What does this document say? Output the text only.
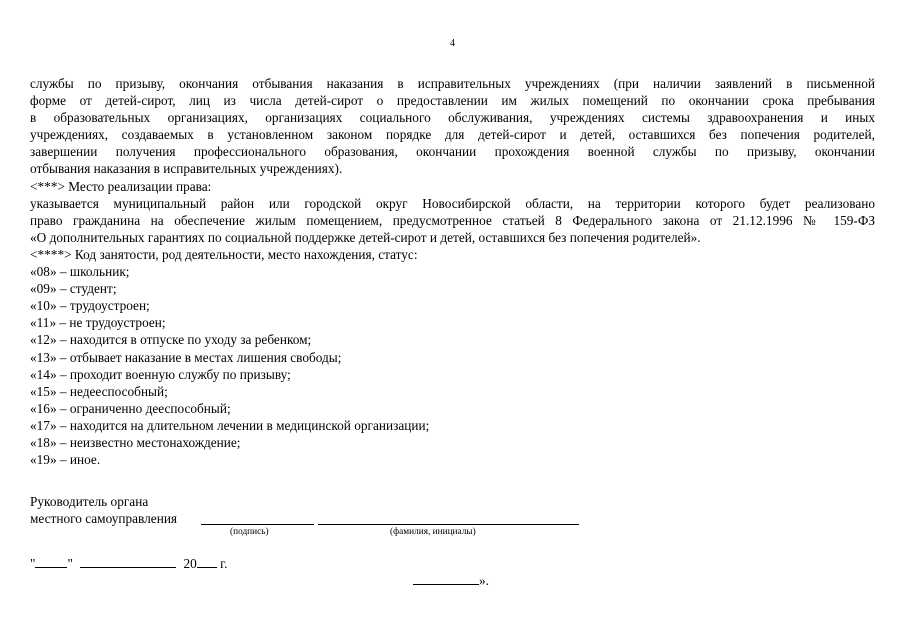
4
службы по призыву, окончания отбывания наказания в исправительных учреждениях (при наличии заявлений в письменной
форме от детей-сирот, лиц из числа детей-сирот о предоставлении им жилых помещений по окончании срока пребывания
в образовательных организациях, организациях социального обслуживания, учреждениях системы здравоохранения и иных
учреждениях, создаваемых в установленном законом порядке для детей-сирот и детей, оставшихся без попечения родителей,
завершении получения профессионального образования, окончании прохождения военной службы по призыву, окончании
отбывания наказания в исправительных учреждениях).
<***> Место реализации права:
указывается муниципальный район или городской округ Новосибирской области, на территории которого будет реализовано
право гражданина на обеспечение жилым помещением, предусмотренное статьей 8 Федерального закона от 21.12.1996 № 159-ФЗ
«О дополнительных гарантиях по социальной поддержке детей-сирот и детей, оставшихся без попечения родителей».
<****> Код занятости, род деятельности, место нахождения, статус:
«08» – школьник;
«09» – студент;
«10» – трудоустроен;
«11» – не трудоустроен;
«12» – находится в отпуске по уходу за ребенком;
«13» – отбывает наказание в местах лишения свободы;
«14» – проходит военную службу по призыву;
«15» – недееспособный;
«16» – ограниченно дееспособный;
«17» – находится на длительном лечении в медицинской организации;
«18» – неизвестно местонахождение;
«19» – иное.
Руководитель органа
местного самоуправления
(подпись)	(фамилия, инициалы)
" "	20 г.
».
